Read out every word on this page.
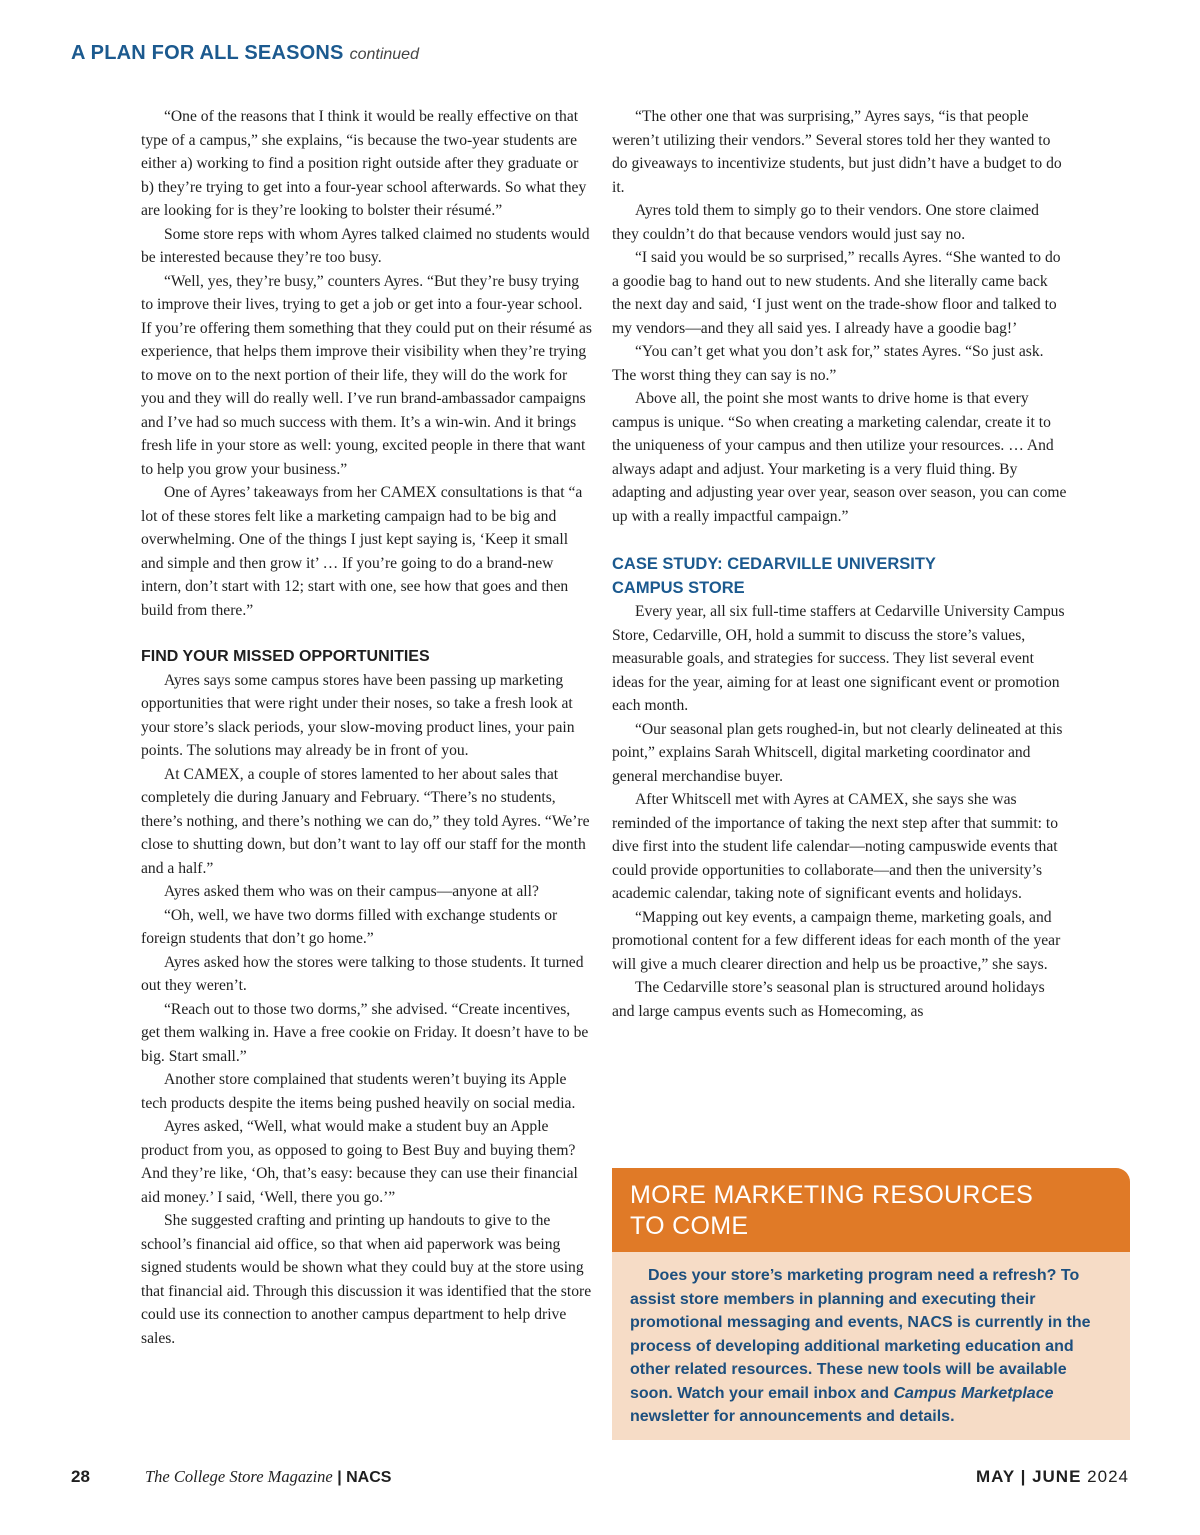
A PLAN FOR ALL SEASONS continued

“One of the reasons that I think it would be really effective on that type of a campus,” she explains, “is because the two-year students are either a) working to find a position right outside after they graduate or b) they’re trying to get into a four-year school afterwards. So what they are looking for is they’re looking to bolster their résumé.”

Some store reps with whom Ayres talked claimed no students would be interested because they’re too busy.

“Well, yes, they’re busy,” counters Ayres. “But they’re busy trying to improve their lives, trying to get a job or get into a four-year school. If you’re offering them something that they could put on their résumé as experience, that helps them improve their visibility when they’re trying to move on to the next portion of their life, they will do the work for you and they will do really well. I’ve run brand-ambassador campaigns and I’ve had so much success with them. It’s a win-win. And it brings fresh life in your store as well: young, excited people in there that want to help you grow your business.”

One of Ayres’ takeaways from her CAMEX consultations is that “a lot of these stores felt like a marketing campaign had to be big and overwhelming. One of the things I just kept saying is, ‘Keep it small and simple and then grow it’ … If you’re going to do a brand-new intern, don’t start with 12; start with one, see how that goes and then build from there.”

FIND YOUR MISSED OPPORTUNITIES

Ayres says some campus stores have been passing up marketing opportunities that were right under their noses, so take a fresh look at your store’s slack periods, your slow-moving product lines, your pain points. The solutions may already be in front of you.

At CAMEX, a couple of stores lamented to her about sales that completely die during January and February. “There’s no students, there’s nothing, and there’s nothing we can do,” they told Ayres. “We’re close to shutting down, but don’t want to lay off our staff for the month and a half.”

Ayres asked them who was on their campus—anyone at all?

“Oh, well, we have two dorms filled with exchange students or foreign students that don’t go home.”

Ayres asked how the stores were talking to those students. It turned out they weren’t.

“Reach out to those two dorms,” she advised. “Create incentives, get them walking in. Have a free cookie on Friday. It doesn’t have to be big. Start small.”

Another store complained that students weren’t buying its Apple tech products despite the items being pushed heavily on social media.

Ayres asked, “Well, what would make a student buy an Apple product from you, as opposed to going to Best Buy and buying them? And they’re like, ‘Oh, that’s easy: because they can use their financial aid money.’ I said, ‘Well, there you go.’”

She suggested crafting and printing up handouts to give to the school’s financial aid office, so that when aid paperwork was being signed students would be shown what they could buy at the store using that financial aid. Through this discussion it was identified that the store could use its connection to another campus department to help drive sales.

“The other one that was surprising,” Ayres says, “is that people weren’t utilizing their vendors.” Several stores told her they wanted to do giveaways to incentivize students, but just didn’t have a budget to do it.

Ayres told them to simply go to their vendors. One store claimed they couldn’t do that because vendors would just say no.

“I said you would be so surprised,” recalls Ayres. “She wanted to do a goodie bag to hand out to new students. And she literally came back the next day and said, ‘I just went on the trade-show floor and talked to my vendors—and they all said yes. I already have a goodie bag!’

“You can’t get what you don’t ask for,” states Ayres. “So just ask. The worst thing they can say is no.”

Above all, the point she most wants to drive home is that every campus is unique. “So when creating a marketing calendar, create it to the uniqueness of your campus and then utilize your resources. … And always adapt and adjust. Your marketing is a very fluid thing. By adapting and adjusting year over year, season over season, you can come up with a really impactful campaign.”

CASE STUDY: CEDARVILLE UNIVERSITY
CAMPUS STORE

Every year, all six full-time staffers at Cedarville University Campus Store, Cedarville, OH, hold a summit to discuss the store’s values, measurable goals, and strategies for success. They list several event ideas for the year, aiming for at least one significant event or promotion each month.

“Our seasonal plan gets roughed-in, but not clearly delineated at this point,” explains Sarah Whitscell, digital marketing coordinator and general merchandise buyer.

After Whitscell met with Ayres at CAMEX, she says she was reminded of the importance of taking the next step after that summit: to dive first into the student life calendar—noting campuswide events that could provide opportunities to collaborate—and then the university’s academic calendar, taking note of significant events and holidays.

“Mapping out key events, a campaign theme, marketing goals, and promotional content for a few different ideas for each month of the year will give a much clearer direction and help us be proactive,” she says.

The Cedarville store’s seasonal plan is structured around holidays and large campus events such as Homecoming, as

MORE MARKETING RESOURCES
TO COME
Does your store’s marketing program need a refresh? To assist store members in planning and executing their promotional messaging and events, NACS is currently in the process of developing additional marketing education and other related resources. These new tools will be available soon. Watch your email inbox and Campus Marketplace newsletter for announcements and details.
28	The College Store Magazine | NACS	MAY | JUNE 2024
